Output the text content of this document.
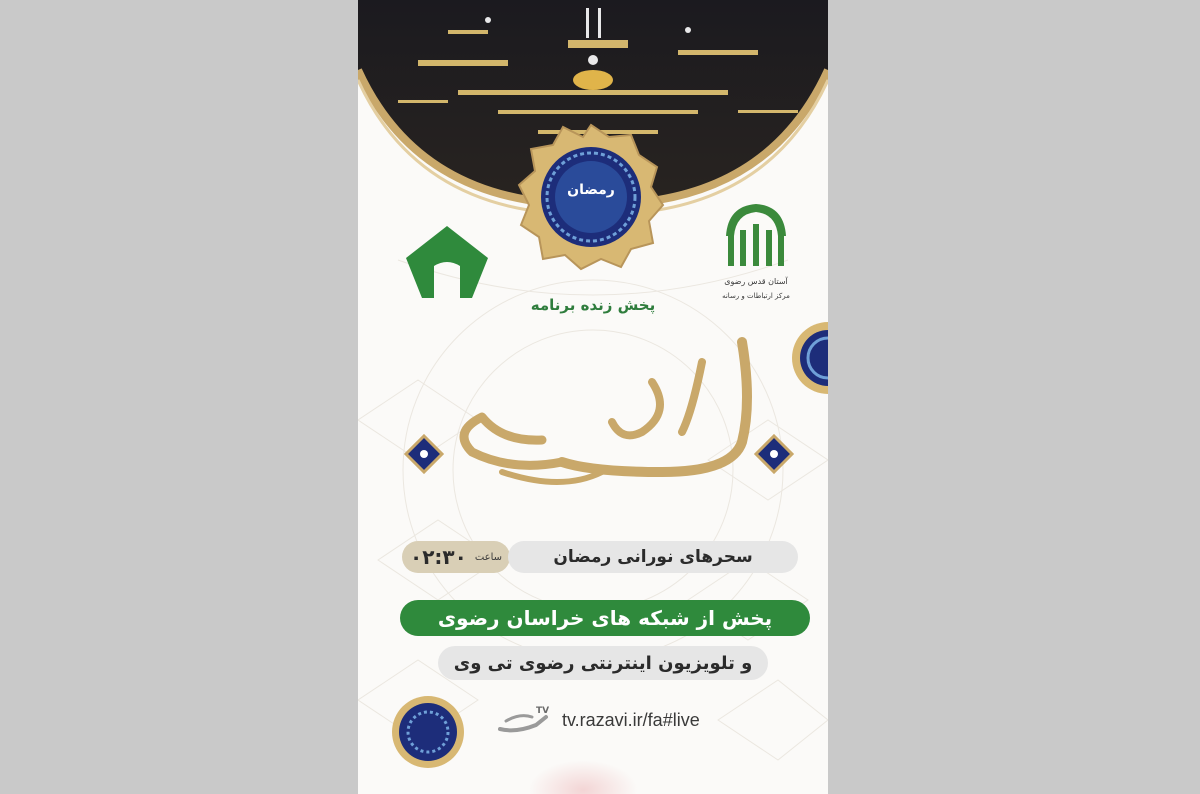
رمضان
آستان قدس رضوی
مرکز ارتباطات و رسانه
پخش زنده برنامه
سر سحر
ساعت
۰۲:۳۰	سحرهای نورانی رمضان
پخش از شبکه های خراسان رضوی
و تلویزیون اینترنتی رضوی تی وی
TV tv.razavi.ir/fa#live
